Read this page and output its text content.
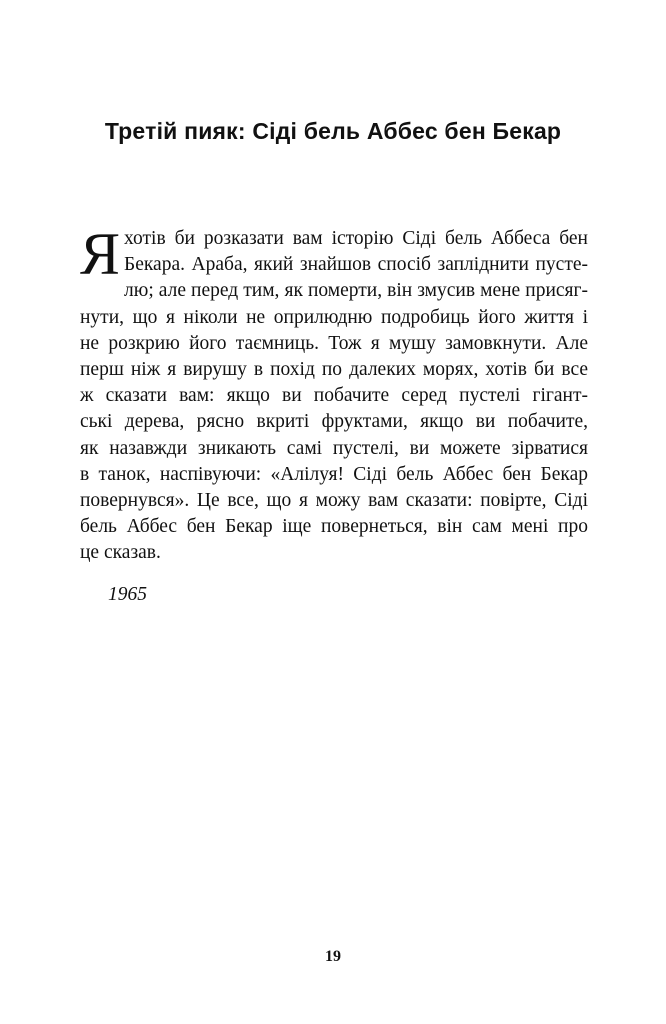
Третій пияк: Сіді бель Аббес бен Бекар
Я хотів би розказати вам історію Сіді бель Аббеса бен
Бекара. Араба, який знайшов спосіб запліднити пусте-
лю; але перед тим, як померти, він змусив мене присяг-
нути, що я ніколи не оприлюдню подробиць його життя і
не розкрию його таємниць. Тож я мушу замовкнути. Але
перш ніж я вирушу в похід по далеких морях, хотів би все
ж сказати вам: якщо ви побачите серед пустелі гігант-
ські дерева, рясно вкриті фруктами, якщо ви побачите,
як назавжди зникають самі пустелі, ви можете зірватися
в танок, наспівуючи: «Алілуя! Сіді бель Аббес бен Бекар
повернувся». Це все, що я можу вам сказати: повірте, Сіді
бель Аббес бен Бекар іще повернеться, він сам мені про
це сказав.

1965

19
